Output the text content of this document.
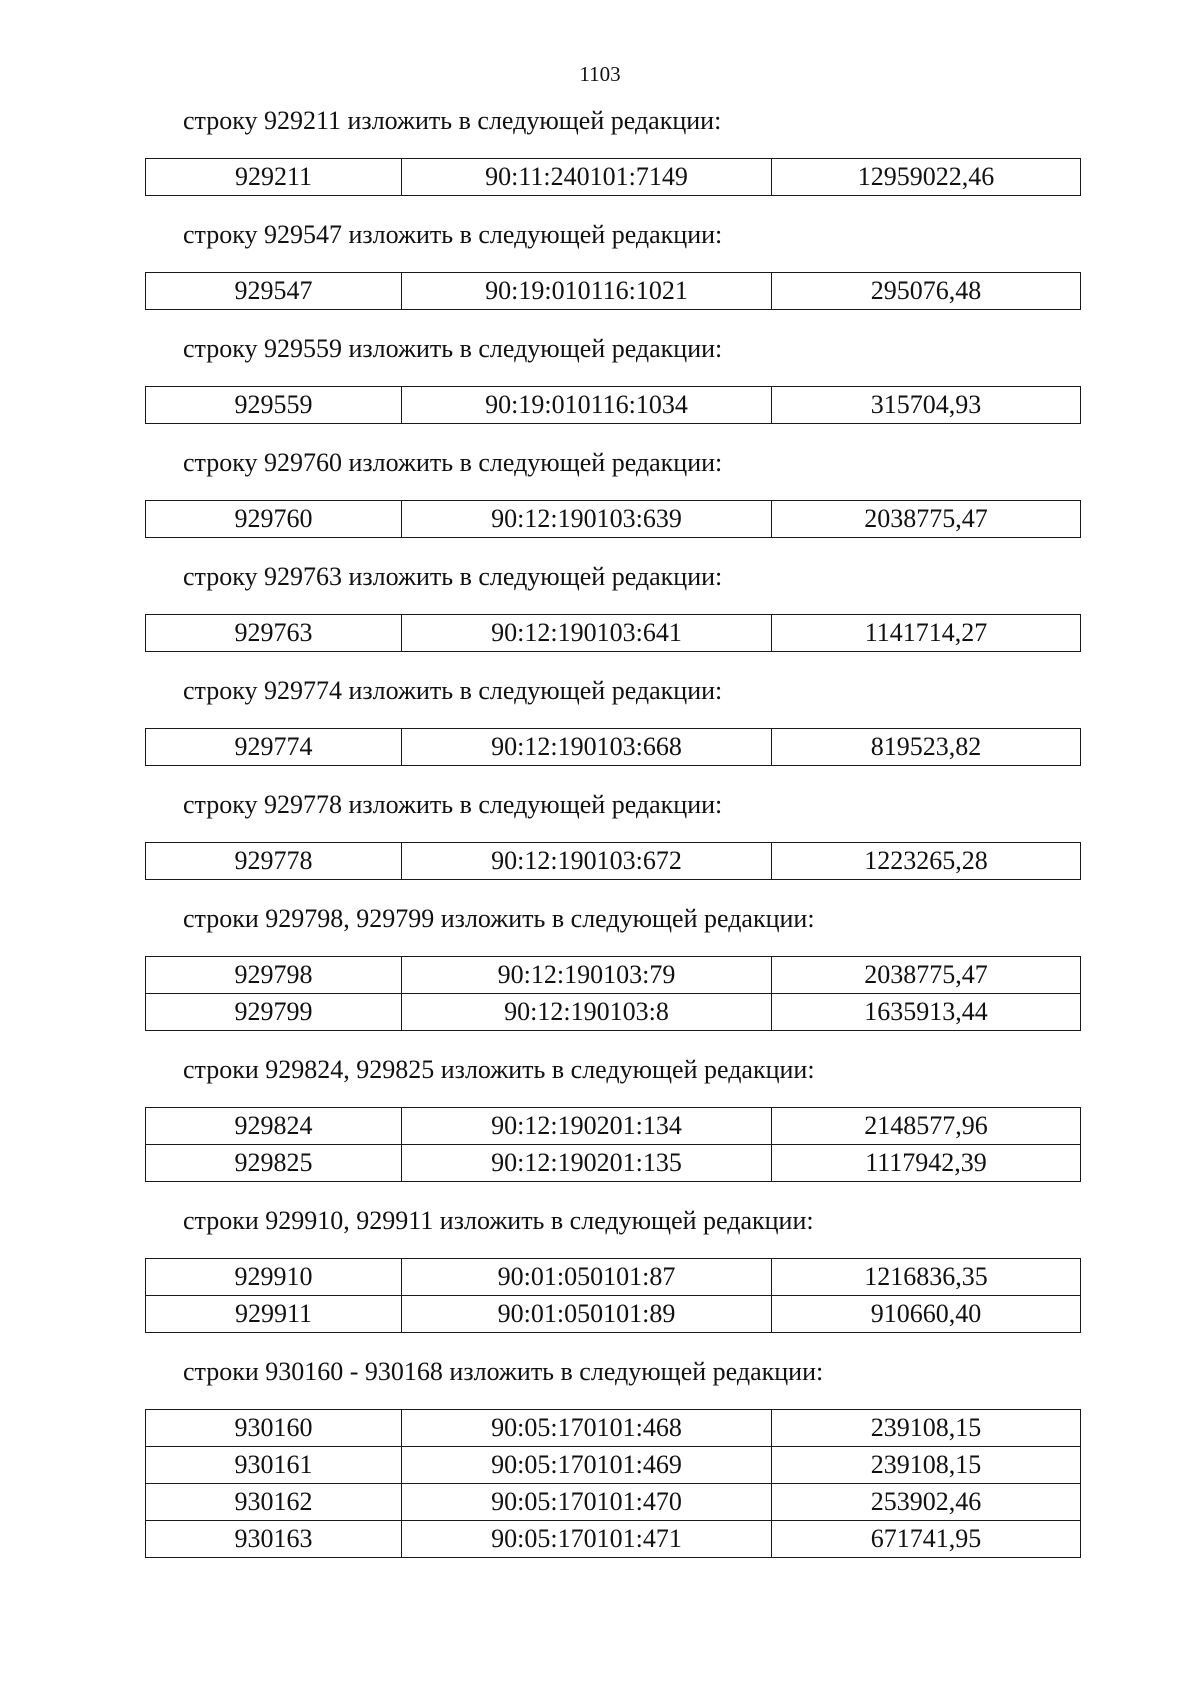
1103
строку 929211 изложить в следующей редакции:
929211	90:11:240101:7149	12959022,46
строку 929547 изложить в следующей редакции:
929547	90:19:010116:1021	295076,48
строку 929559 изложить в следующей редакции:
929559	90:19:010116:1034	315704,93
строку 929760 изложить в следующей редакции:
929760	90:12:190103:639	2038775,47
строку 929763 изложить в следующей редакции:
929763	90:12:190103:641	1141714,27
строку 929774 изложить в следующей редакции:
929774	90:12:190103:668	819523,82
строку 929778 изложить в следующей редакции:
929778	90:12:190103:672	1223265,28
строки 929798, 929799 изложить в следующей редакции:
929798	90:12:190103:79	2038775,47
929799	90:12:190103:8	1635913,44
строки 929824, 929825 изложить в следующей редакции:
929824	90:12:190201:134	2148577,96
929825	90:12:190201:135	1117942,39
строки 929910, 929911 изложить в следующей редакции:
929910	90:01:050101:87	1216836,35
929911	90:01:050101:89	910660,40
строки 930160 - 930168 изложить в следующей редакции:
930160	90:05:170101:468	239108,15
930161	90:05:170101:469	239108,15
930162	90:05:170101:470	253902,46
930163	90:05:170101:471	671741,95
